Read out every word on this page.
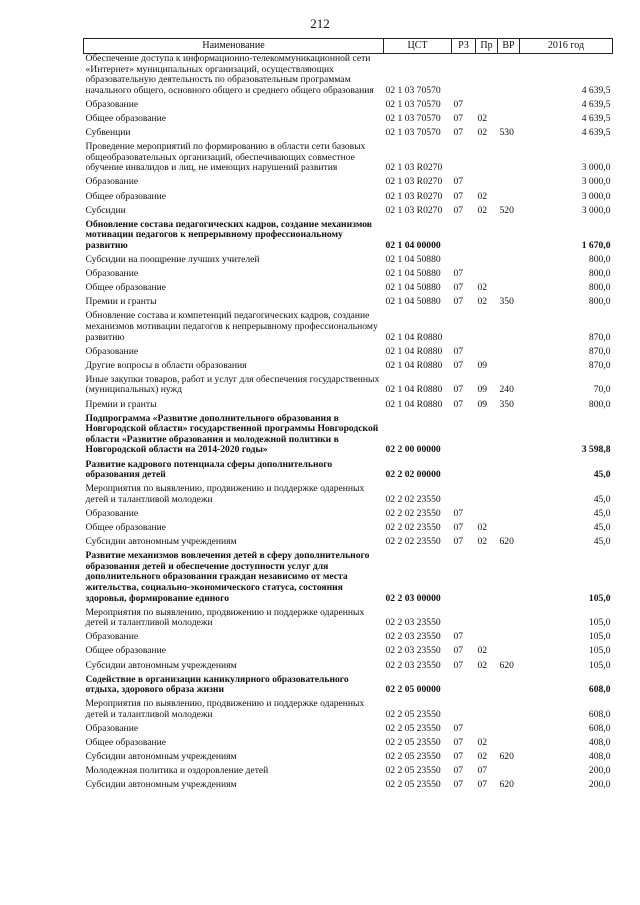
212
Наименование	ЦСТ	РЗ	Пр	ВР	2016 год
Обеспечение доступа к информационно-телекоммуникационной сети «Интернет» муниципальных организаций, осуществляющих образовательную деятельность по образовательным программам начального общего, основного общего и среднего общего образования	02 1 03 70570				4 639,5
Образование	02 1 03 70570	07			4 639,5
Общее образование	02 1 03 70570	07	02		4 639,5
Субвенции	02 1 03 70570	07	02	530	4 639,5
Проведение мероприятий по формированию в области сети базовых общеобразовательных организаций, обеспечивающих совместное обучение инвалидов и лиц, не имеющих нарушений развития	02 1 03 R0270				3 000,0
Образование	02 1 03 R0270	07			3 000,0
Общее образование	02 1 03 R0270	07	02		3 000,0
Субсидии	02 1 03 R0270	07	02	520	3 000,0
Обновление состава педагогических кадров, создание механизмов мотивации педагогов к непрерывному профессиональному развитию	02 1 04 00000				1 670,0
Субсидии на поощрение лучших учителей	02 1 04 50880				800,0
Образование	02 1 04 50880	07			800,0
Общее образование	02 1 04 50880	07	02		800,0
Премии и гранты	02 1 04 50880	07	02	350	800,0
Обновление состава и компетенций педагогических кадров, создание механизмов мотивации педагогов к непрерывному профессиональному развитию	02 1 04 R0880				870,0
Образование	02 1 04 R0880	07			870,0
Другие вопросы в области образования	02 1 04 R0880	07	09		870,0
Иные закупки товаров, работ и услуг для обеспечения государственных (муниципальных) нужд	02 1 04 R0880	07	09	240	70,0
Премии и гранты	02 1 04 R0880	07	09	350	800,0
Подпрограмма «Развитие дополнительного образования в Новгородской области» государственной программы Новгородской области «Развитие образования и молодежной политики в Новгородской области на 2014-2020 годы»	02 2 00 00000				3 598,8
Развитие кадрового потенциала сферы дополнительного образования детей	02 2 02 00000				45,0
Мероприятия по выявлению, продвижению и поддержке одаренных детей и талантливой молодежи	02 2 02 23550				45,0
Образование	02 2 02 23550	07			45,0
Общее образование	02 2 02 23550	07	02		45,0
Субсидии автономным учреждениям	02 2 02 23550	07	02	620	45,0
Развитие механизмов вовлечения детей в сферу дополнительного образования детей и обеспечение доступности услуг для дополнительного образования граждан независимо от места жительства, социально-экономического статуса, состояния здоровья, формирование единого	02 2 03 00000				105,0
Мероприятия по выявлению, продвижению и поддержке одаренных детей и талантливой молодежи	02 2 03 23550				105,0
Образование	02 2 03 23550	07			105,0
Общее образование	02 2 03 23550	07	02		105,0
Субсидии автономным учреждениям	02 2 03 23550	07	02	620	105,0
Содействие в организации каникулярного образовательного отдыха, здорового образа жизни	02 2 05 00000				608,0
Мероприятия по выявлению, продвижению и поддержке одаренных детей и талантливой молодежи	02 2 05 23550				608,0
Образование	02 2 05 23550	07			608,0
Общее образование	02 2 05 23550	07	02		408,0
Субсидии автономным учреждениям	02 2 05 23550	07	02	620	408,0
Молодежная политика и оздоровление детей	02 2 05 23550	07	07		200,0
Субсидии автономным учреждениям	02 2 05 23550	07	07	620	200,0
